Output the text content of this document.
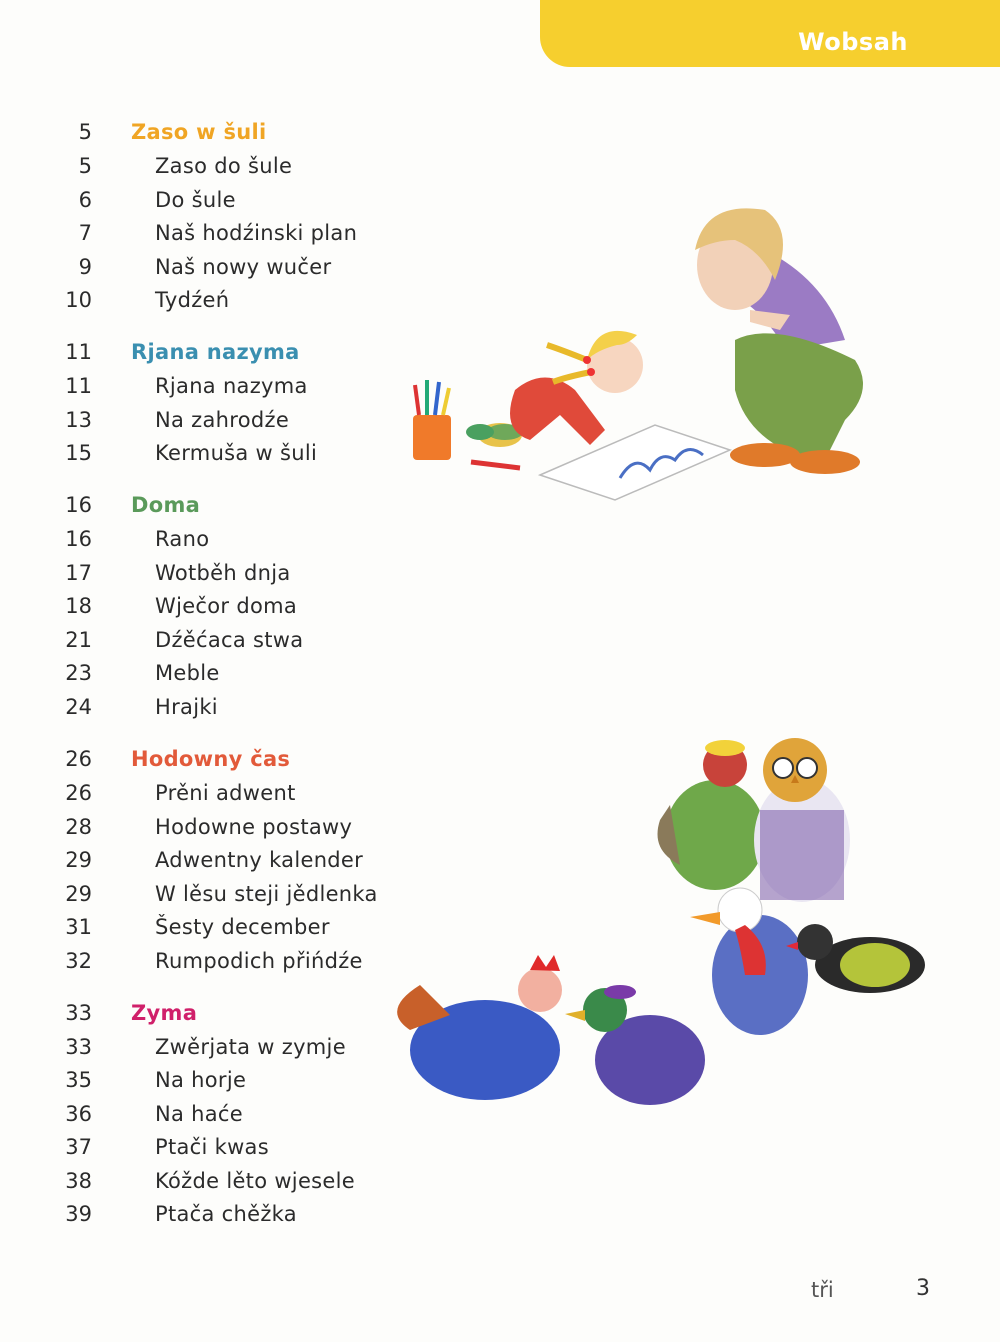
Wobsah
5 Zaso w šuli
5	Zaso do šule
6	Do šule
7	Naš hodźinski plan
9	Naš nowy wučer
10	Tydźeń
11 Rjana nazyma
11	Rjana nazyma
13	Na zahrodźe
15	Kermuša w šuli
16 Doma
16	Rano
17	Wotběh dnja
18	Wječor doma
21	Dźěćaca stwa
23	Meble
24	Hrajki
26 Hodowny čas
26	Prěni adwent
28	Hodowne postawy
29	Adwentny kalender
29	W lěsu steji jědlenka
31	Šesty december
32	Rumpodich přińdźe
33 Zyma
33	Zwěrjata w zymje
35	Na horje
36	Na haće
37	Ptači kwas
38	Kóžde lěto wjesele
39	Ptača chěžka
tři	3
